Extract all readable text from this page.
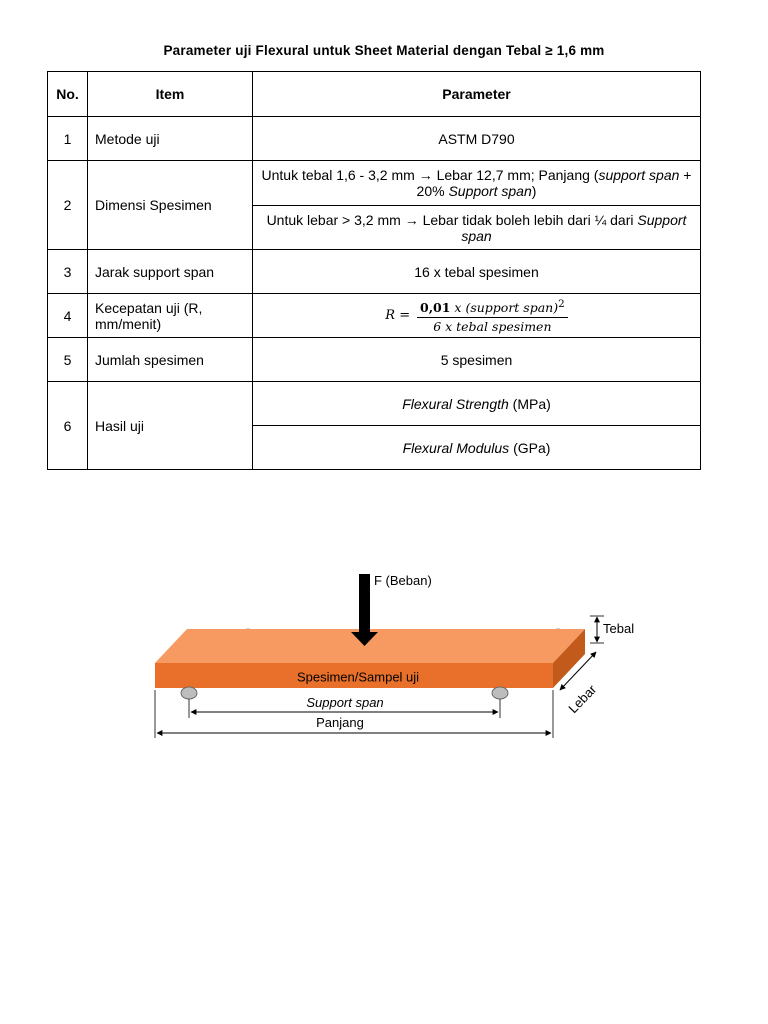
Parameter uji Flexural untuk Sheet Material dengan Tebal ≥ 1,6 mm
No.	Item	Parameter
1	Metode uji	ASTM D790
2	Dimensi Spesimen	Untuk tebal 1,6 - 3,2 mm → Lebar 12,7 mm; Panjang (support span + 20% Support span)
		Untuk lebar > 3,2 mm → Lebar tidak boleh lebih dari ¼ dari Support span
3	Jarak support span	16 x tebal spesimen
4	Kecepatan uji (R, mm/menit)	$R = \frac{0,01 x (support span)^2}{\text{6 x tebal spesimen}}$

5	Jumlah spesimen	5 spesimen
6	Hasil uji	Flexural Strength (MPa)
		Flexural Modulus (GPa)
Spesimen/Sampel uji
F (Beban)
Tebal
Lebar
Support span
Panjang
